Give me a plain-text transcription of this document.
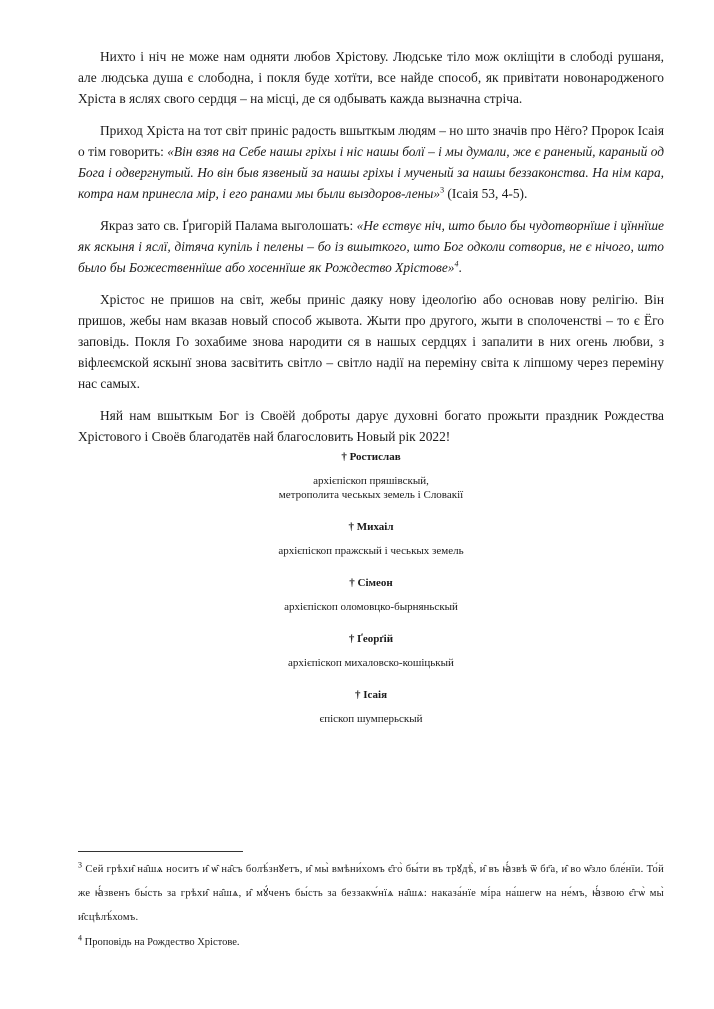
Нихто і ніч не може нам одняти любов Хрістову. Людське тіло мож окліщіти в слободі рушаня, але людська душа є слободна, і покля буде хотїти, все найде способ, як привітати новонародженого Хріста в яслях свого сердця – на місці, де ся одбывать кажда вызначна стріча.

Приход Хріста на тот світ приніс радость вшыткым людям – но што значів про Нёго? Пророк Ісаія о тім говорить: «Він взяв на Себе нашы гріхы і ніс нашы болї – і мы думали, же є раненый, караный од Бога і одвергнутый. Но він быв язвеный за нашы гріхы і мученый за нашы беззаконства. На нім кара, котра нам принесла мір, і его ранами мы были выздоров-лены»$^3$ (Ісаія 53, 4-5).

Якраз зато св. Ґригорій Палама выголошать: «Не єствує ніч, што было бы чудотворнїше і цїннїше як яскыня і яслї, дітяча купіль і пелены – бо із вшыткого, што Бог одколи сотворив, не є нічого, што было бы Божественнїше або хосеннїше як Рождество Хрістове»$^4$.

Хрістос не пришов на світ, жебы приніс даяку нову ідеолоґію або основав нову релігію. Він пришов, жебы нам вказав новый способ жывота. Жыти про другого, жыти в сполоченстві – то є Ёго заповідь. Покля Го зохабиме знова народити ся в нашых сердцях і запалити в них огень любви, з віфлеємской яскынї знова засвітить світло – світло надії на переміну світа к ліпшому через переміну нас самых.

Няй нам вшыткым Бог із Своёй доброты дарує духовні богато прожыти праздник Рождества Хрістового і Своёв благодатёв най благословить Новый рік 2022!

† Ростислав
архієпіскоп пряшівскый,
метрополита чеськых земель і Словакії
† Михаіл
архієпіскоп пражскый і чеськых земель
† Сімеон
архієпіскоп оломовцко-бырняньскый
† Ґеорґій
архієпіскоп михаловско-кошіцькый
† Ісаія
єпіскоп шумперьскый
$^3$ Сей грѣхи̑ на̑шѧ носитъ и̑ ѡ̑ на̑съ болѣ́знꙋетъ, и̑ мы̀ вмѣни́хомъ є̑го̀ бы́ти въ трꙋдѣ̀, и̑ въ ꙗ҆́звѣ ѿ бг҃а, и̑ во ѡ̑зло бле́нїи. То́й же ꙗ҆́звенъ бы́сть за грѣхи̑ на̑шѧ, и̑ мꙋ́ченъ бы́сть за беззакѡ́нїѧ на̑шѧ: наказа́нїе мі́ра на́шегѡ на не́мъ, ꙗ҆́звою є̑гѡ̀ мы̀ и̑сцѣлѣ́хомъ.
$^4$ Проповідь на Рождество Хрістове.
